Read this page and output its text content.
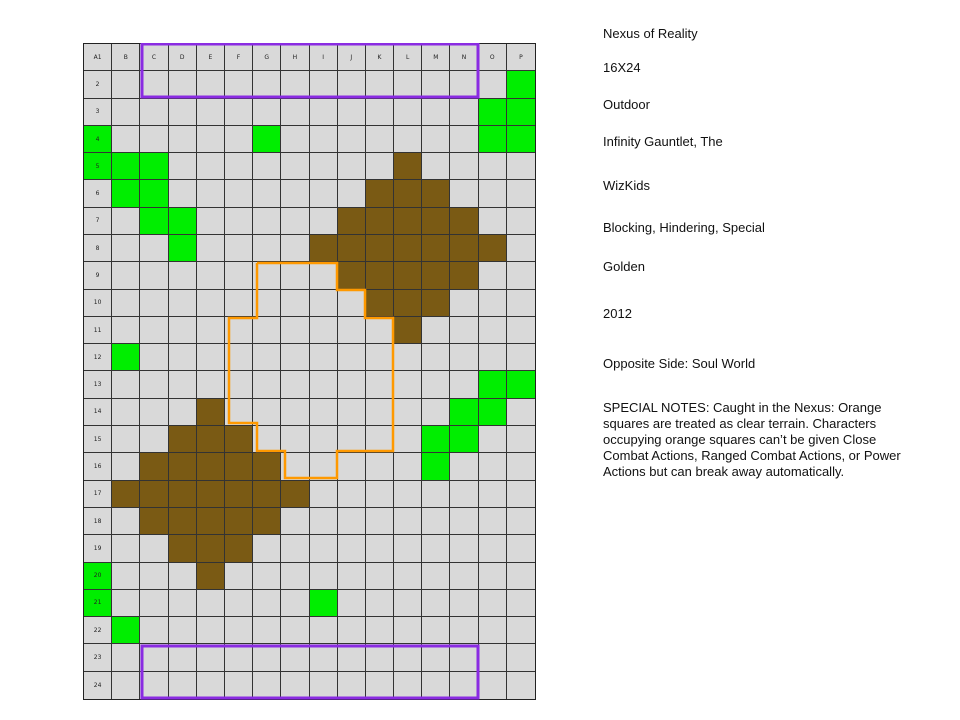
A1	B	C	D	E	F	G	H	I	J	K	L	M	N	O	P
2
3
4
5
6
7
8
9
10
11
12
13
14
15
16
17
18
19
20
21
22
23
24

Nexus of Reality

16X24

Outdoor

Infinity Gauntlet, The

WizKids

Blocking, Hindering, Special

Golden

2012

Opposite Side: Soul World

SPECIAL NOTES: Caught in the Nexus: Orange squares are treated as clear terrain. Characters occupying orange squares can’t be given Close Combat Actions, Ranged Combat Actions, or Power Actions but can break away automatically.
